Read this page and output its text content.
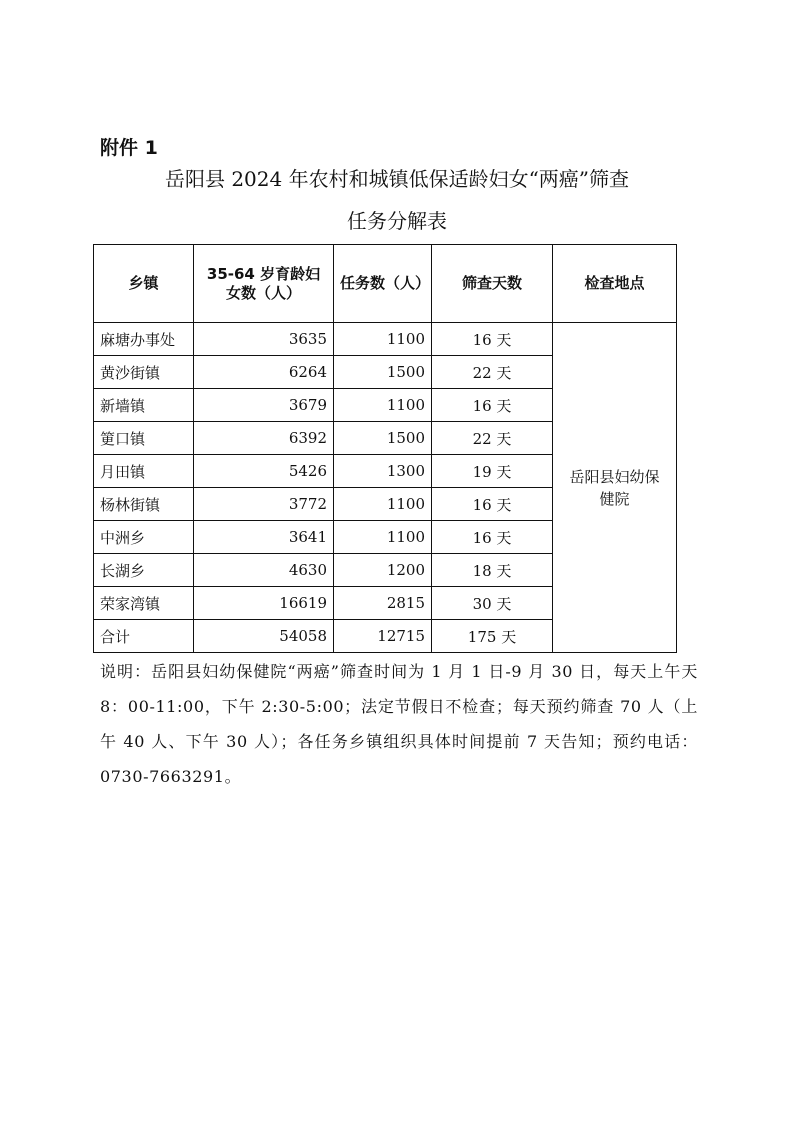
附件 1
岳阳县 2024 年农村和城镇低保适龄妇女“两癌”筛查
任务分解表
乡镇	35-64 岁育龄妇女数（人）	任务数（人）	筛查天数	检查地点
麻塘办事处	3635	1100	16 天	岳阳县妇幼保健院
黄沙街镇	6264	1500	22 天	
新墙镇	3679	1100	16 天	
筻口镇	6392	1500	22 天	
月田镇	5426	1300	19 天	
杨林街镇	3772	1100	16 天	
中洲乡	3641	1100	16 天	
长湖乡	4630	1200	18 天	
荣家湾镇	16619	2815	30 天	
合计	54058	12715	175 天	
说明：岳阳县妇幼保健院“两癌”筛查时间为 1 月 1 日-9 月 30 日，每天上午天 8：00-11:00，下午 2:30-5:00；法定节假日不检查；每天预约筛查 70 人（上午 40 人、下午 30 人）；各任务乡镇组织具体时间提前 7 天告知；预约电话：0730-7663291。
